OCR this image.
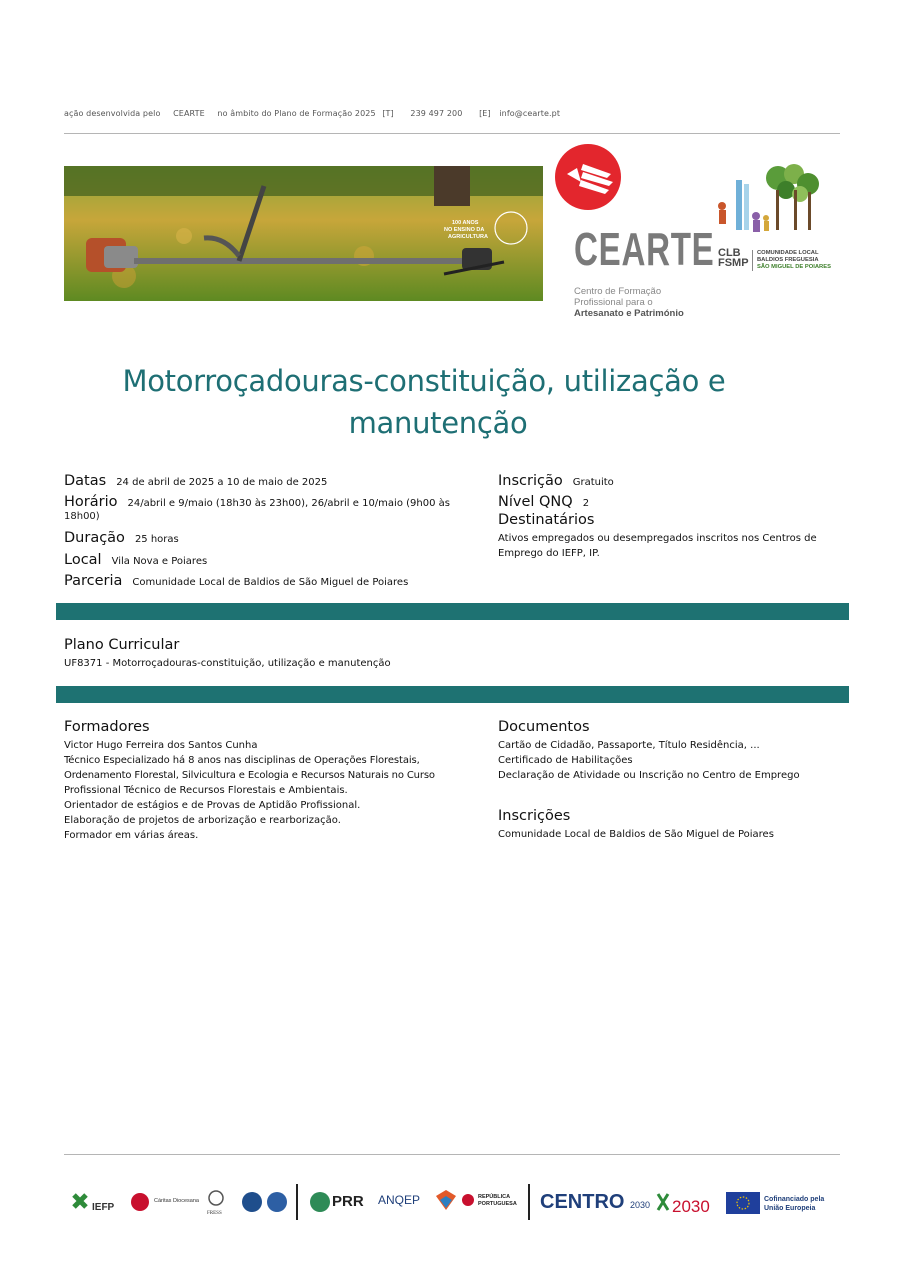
ação desenvolvida pelo CEARTE no âmbito do Plano de Formação 2025 [T] 239 497 200 [E] info@cearte.pt
100 ANOS
NO ENSINO DA
AGRICULTURA CEARTE
Centro de Formação
Profissional para o
Artesanato e Património
CLB
FSMP
COMUNIDADE LOCAL
BALDIOS FREGUESIA
SÃO MIGUEL DE POIARES
Motorroçadouras-constituição, utilização e
manutenção
Datas 24 de abril de 2025 a 10 de maio de 2025
Horário 24/abril e 9/maio (18h30 às 23h00), 26/abril e 10/maio (9h00 às
18h00)
Duração 25 horas
Local Vila Nova e Poiares
Parceria Comunidade Local de Baldios de São Miguel de Poiares
Inscrição Gratuito
Nível QNQ 2
Destinatários
Ativos empregados ou desempregados inscritos nos Centros de
Emprego do IEFP, IP.
Plano Curricular
UF8371 - Motorroçadouras-constituição, utilização e manutenção
Formadores
Victor Hugo Ferreira dos Santos Cunha
Técnico Especializado há 8 anos nas disciplinas de Operações Florestais,
Ordenamento Florestal, Silvicultura e Ecologia e Recursos Naturais no Curso
Profissional Técnico de Recursos Florestais e Ambientais.
Orientador de estágios e de Provas de Aptidão Profissional.
Elaboração de projetos de arborização e rearborização.
Formador em várias áreas.
Documentos
Cartão de Cidadão, Passaporte, Título Residência, ...
Certificado de Habilitações
Declaração de Atividade ou Inscrição no Centro de Emprego
Inscrições
Comunidade Local de Baldios de São Miguel de Poiares
IEFP
Cáritas Diocesana
FRESS
PRR ANQEP	REPÚBLICA
PORTUGUESA CENTRO 2030 2030	Cofinanciado pela
União Europeia
